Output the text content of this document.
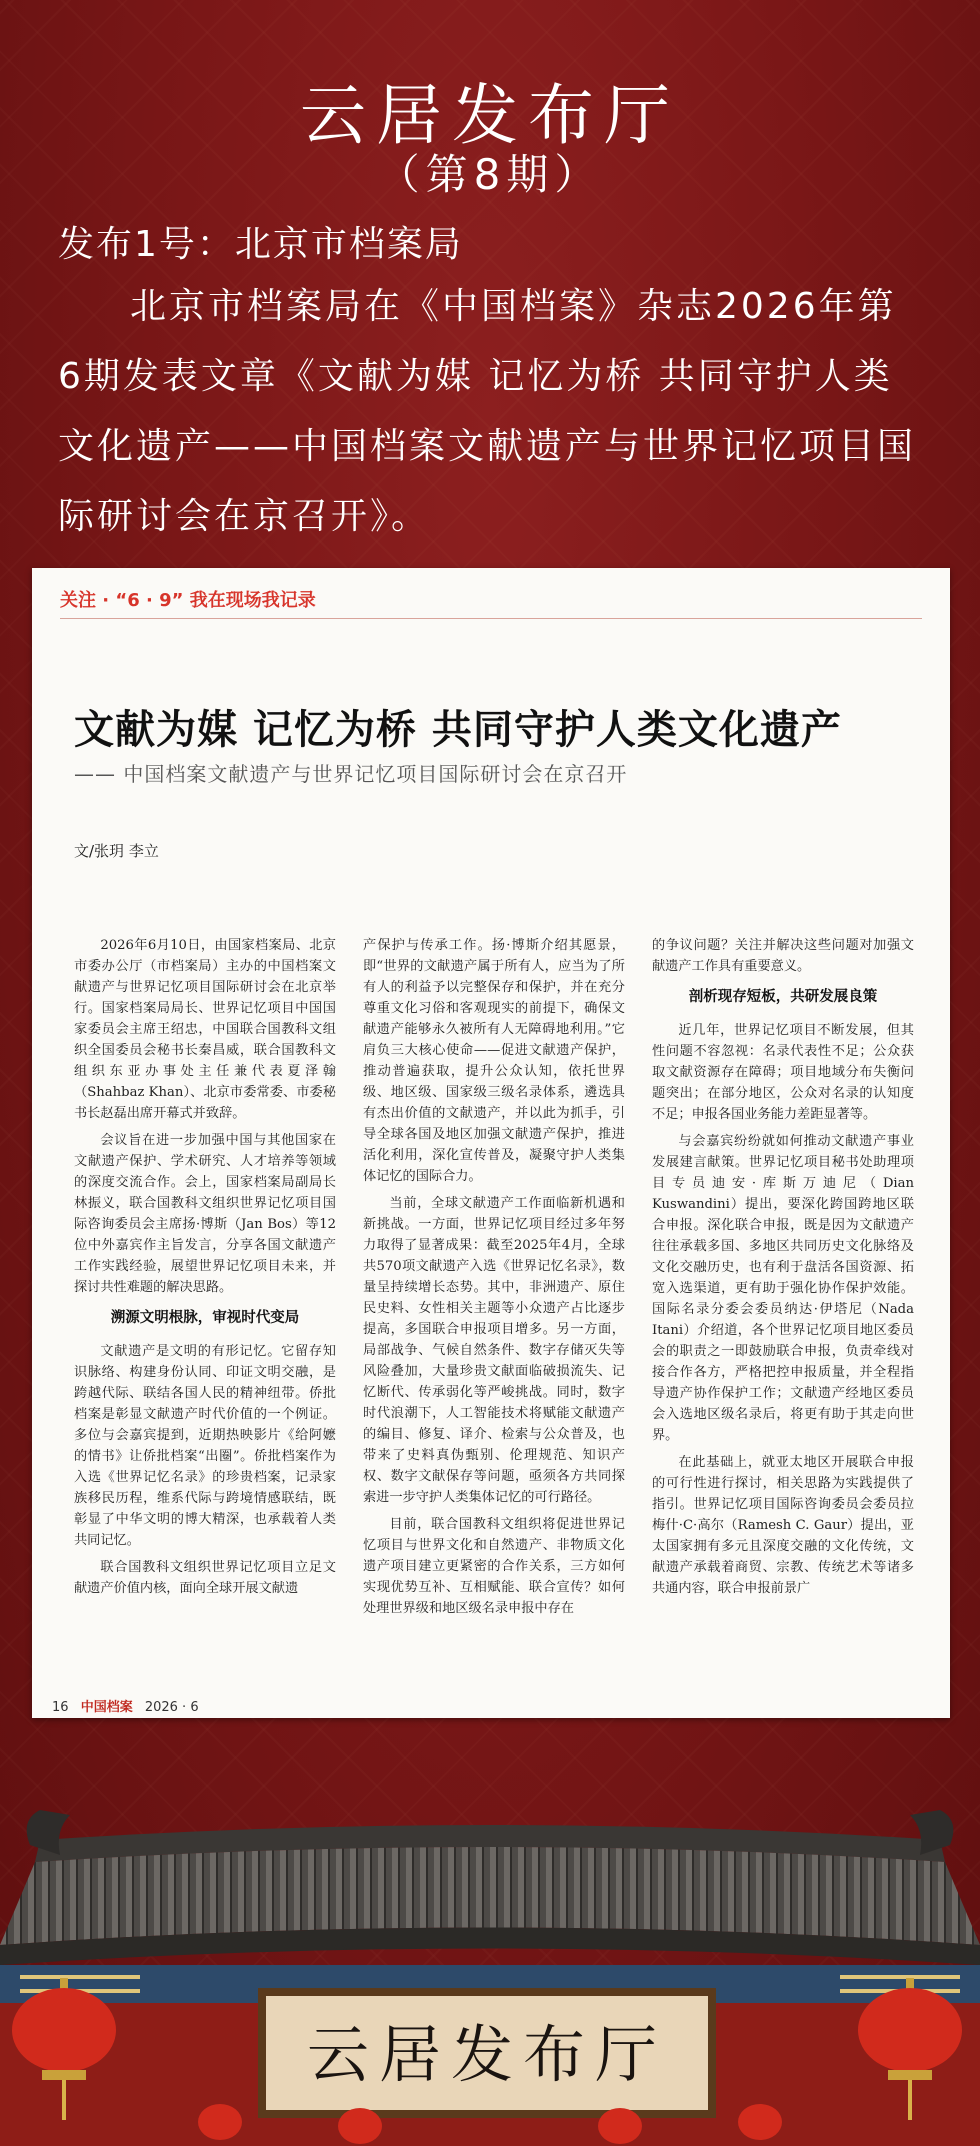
云居发布厅
（第8期）
发布1号：北京市档案局
北京市档案局在《中国档案》杂志2026年第6期发表文章《文献为媒 记忆为桥 共同守护人类文化遗产——中国档案文献遗产与世界记忆项目国际研讨会在京召开》。
关注 · “6 · 9” 我在现场我记录
文献为媒 记忆为桥 共同守护人类文化遗产
—— 中国档案文献遗产与世界记忆项目国际研讨会在京召开
文/张玥 李立

2026年6月10日，由国家档案局、北京市委办公厅（市档案局）主办的中国档案文献遗产与世界记忆项目国际研讨会在北京举行。国家档案局局长、世界记忆项目中国国家委员会主席王绍忠，中国联合国教科文组织全国委员会秘书长秦昌威，联合国教科文组织东亚办事处主任兼代表夏泽翰（Shahbaz Khan）、北京市委常委、市委秘书长赵磊出席开幕式并致辞。

会议旨在进一步加强中国与其他国家在文献遗产保护、学术研究、人才培养等领域的深度交流合作。会上，国家档案局副局长林振义，联合国教科文组织世界记忆项目国际咨询委员会主席扬·博斯（Jan Bos）等12位中外嘉宾作主旨发言，分享各国文献遗产工作实践经验，展望世界记忆项目未来，并探讨共性难题的解决思路。

溯源文明根脉，审视时代变局

文献遗产是文明的有形记忆。它留存知识脉络、构建身份认同、印证文明交融，是跨越代际、联结各国人民的精神纽带。侨批档案是彰显文献遗产时代价值的一个例证。多位与会嘉宾提到，近期热映影片《给阿嬷的情书》让侨批档案“出圈”。侨批档案作为入选《世界记忆名录》的珍贵档案，记录家族移民历程，维系代际与跨境情感联结，既彰显了中华文明的博大精深，也承载着人类共同记忆。

联合国教科文组织世界记忆项目立足文献遗产价值内核，面向全球开展文献遗

产保护与传承工作。扬·博斯介绍其愿景，即“世界的文献遗产属于所有人，应当为了所有人的利益予以完整保存和保护，并在充分尊重文化习俗和客观现实的前提下，确保文献遗产能够永久被所有人无障碍地利用。”它肩负三大核心使命——促进文献遗产保护，推动普遍获取，提升公众认知，依托世界级、地区级、国家级三级名录体系，遴选具有杰出价值的文献遗产，并以此为抓手，引导全球各国及地区加强文献遗产保护，推进活化利用，深化宣传普及，凝聚守护人类集体记忆的国际合力。

当前，全球文献遗产工作面临新机遇和新挑战。一方面，世界记忆项目经过多年努力取得了显著成果：截至2025年4月，全球共570项文献遗产入选《世界记忆名录》，数量呈持续增长态势。其中，非洲遗产、原住民史料、女性相关主题等小众遗产占比逐步提高，多国联合申报项目增多。另一方面，局部战争、气候自然条件、数字存储灭失等风险叠加，大量珍贵文献面临破损流失、记忆断代、传承弱化等严峻挑战。同时，数字时代浪潮下，人工智能技术将赋能文献遗产的编目、修复、译介、检索与公众普及，也带来了史料真伪甄别、伦理规范、知识产权、数字文献保存等问题，亟须各方共同探索进一步守护人类集体记忆的可行路径。

目前，联合国教科文组织将促进世界记忆项目与世界文化和自然遗产、非物质文化遗产项目建立更紧密的合作关系，三方如何实现优势互补、互相赋能、联合宣传？如何处理世界级和地区级名录申报中存在

的争议问题？关注并解决这些问题对加强文献遗产工作具有重要意义。

剖析现存短板，共研发展良策

近几年，世界记忆项目不断发展，但其性问题不容忽视：名录代表性不足；公众获取文献资源存在障碍；项目地域分布失衡问题突出；在部分地区，公众对名录的认知度不足；申报各国业务能力差距显著等。

与会嘉宾纷纷就如何推动文献遗产事业发展建言献策。世界记忆项目秘书处助理项目专员迪安·库斯万迪尼（Dian Kuswandini）提出，要深化跨国跨地区联合申报。深化联合申报，既是因为文献遗产往往承载多国、多地区共同历史文化脉络及文化交融历史，也有利于盘活各国资源、拓宽入选渠道，更有助于强化协作保护效能。国际名录分委会委员纳达·伊塔尼（Nada Itani）介绍道，各个世界记忆项目地区委员会的职责之一即鼓励联合申报，负责牵线对接合作各方，严格把控申报质量，并全程指导遗产协作保护工作；文献遗产经地区委员会入选地区级名录后，将更有助于其走向世界。

在此基础上，就亚太地区开展联合申报的可行性进行探讨，相关思路为实践提供了指引。世界记忆项目国际咨询委员会委员拉梅什·C·高尔（Ramesh C. Gaur）提出，亚太国家拥有多元且深度交融的文化传统，文献遗产承载着商贸、宗教、传统艺术等诸多共通内容，联合申报前景广

16 中国档案 2026 · 6
云居发布厅
